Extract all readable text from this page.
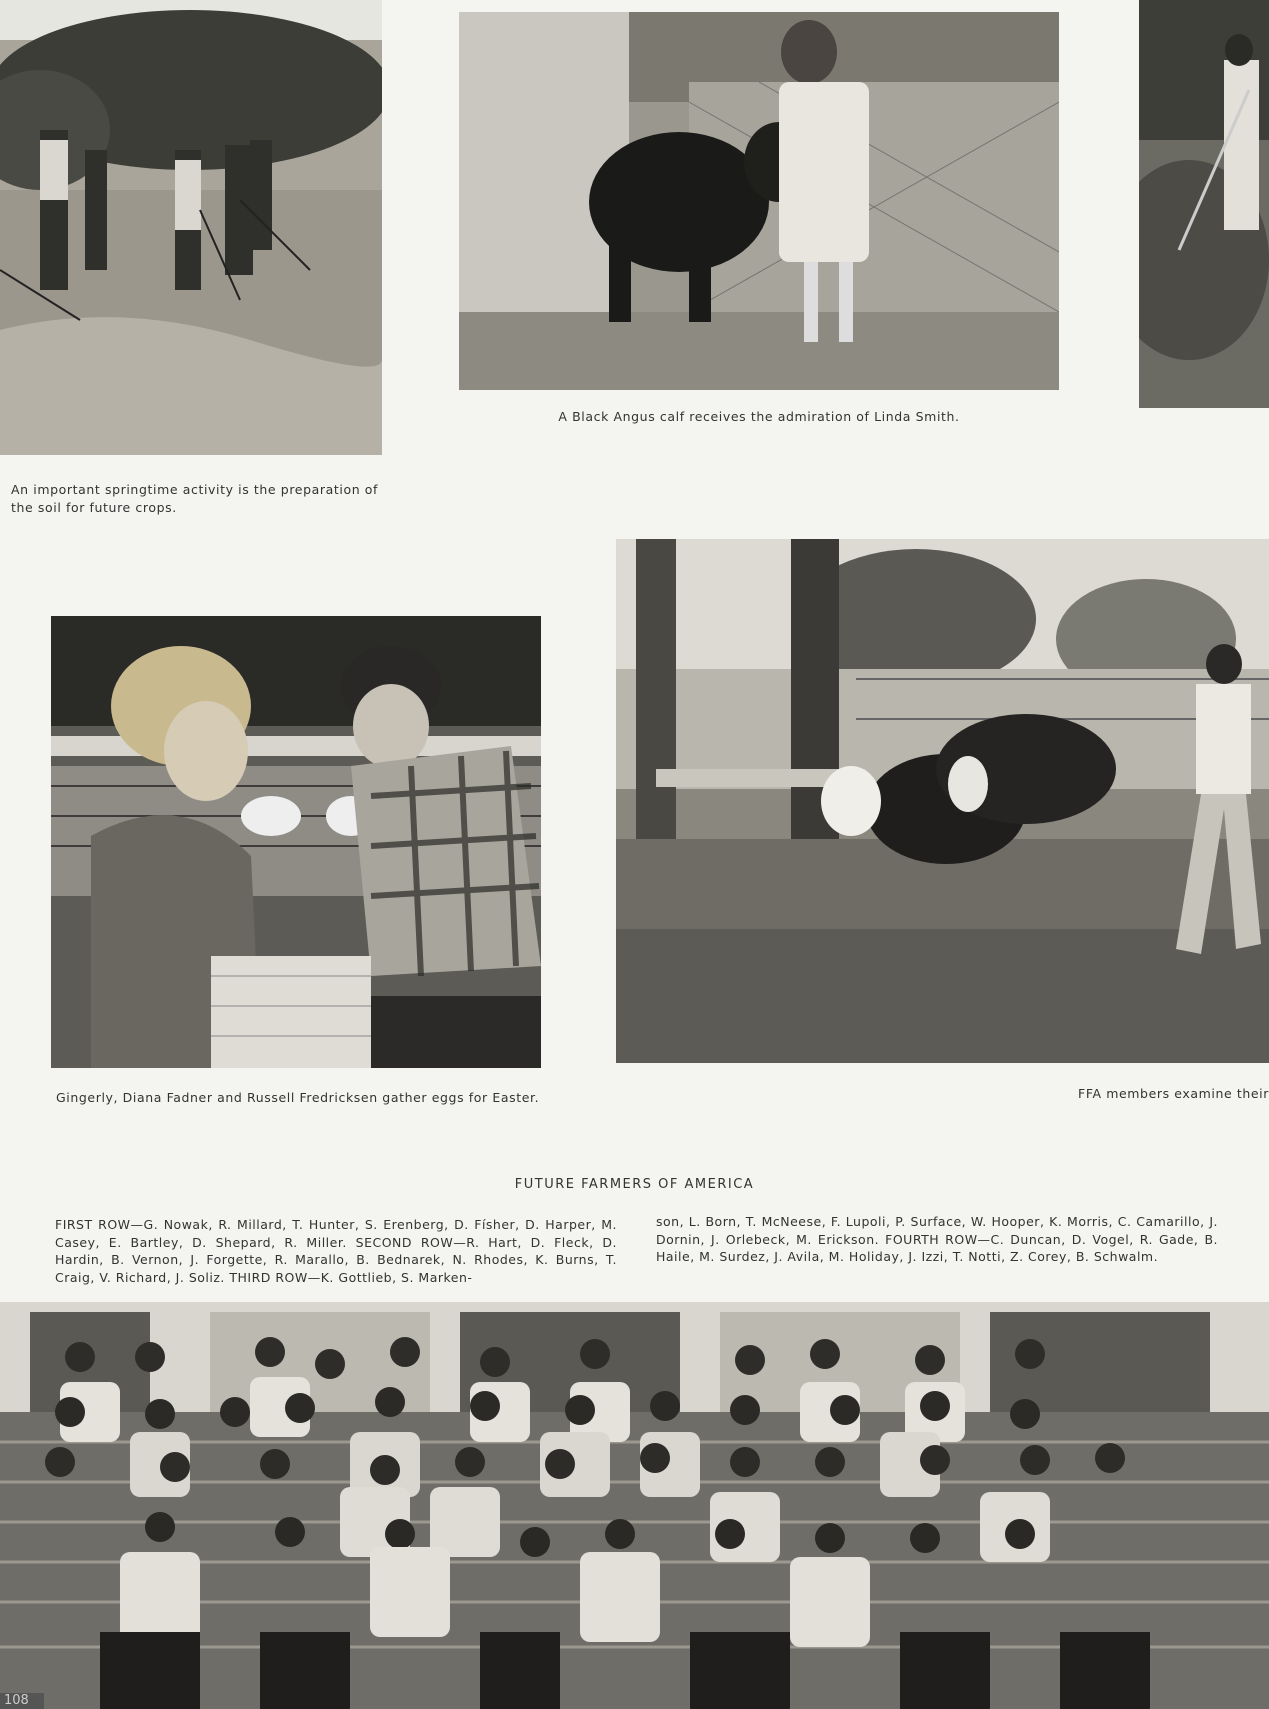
An important springtime activity is the preparation of the soil for future crops.
A Black Angus calf receives the admiration of Linda Smith.
Gingerly, Diana Fadner and Russell Fredricksen gather eggs for Easter.	FFA members examine their
FUTURE FARMERS OF AMERICA
FIRST ROW—G. Nowak, R. Millard, T. Hunter, S. Erenberg, D. Físher, D. Harper, M. Casey, E. Bartley, D. Shepard, R. Miller. SECOND ROW—R. Hart, D. Fleck, D. Hardin, B. Vernon, J. Forgette, R. Marallo, B. Bednarek, N. Rhodes, K. Burns, T. Craig, V. Richard, J. Soliz. THIRD ROW—K. Gottlieb, S. Marken-
son, L. Born, T. McNeese, F. Lupoli, P. Surface, W. Hooper, K. Morris, C. Camarillo, J. Dornin, J. Orlebeck, M. Erickson. FOURTH ROW—C. Duncan, D. Vogel, R. Gade, B. Haile, M. Surdez, J. Avila, M. Holiday, J. Izzi, T. Notti, Z. Corey, B. Schwalm.
108
